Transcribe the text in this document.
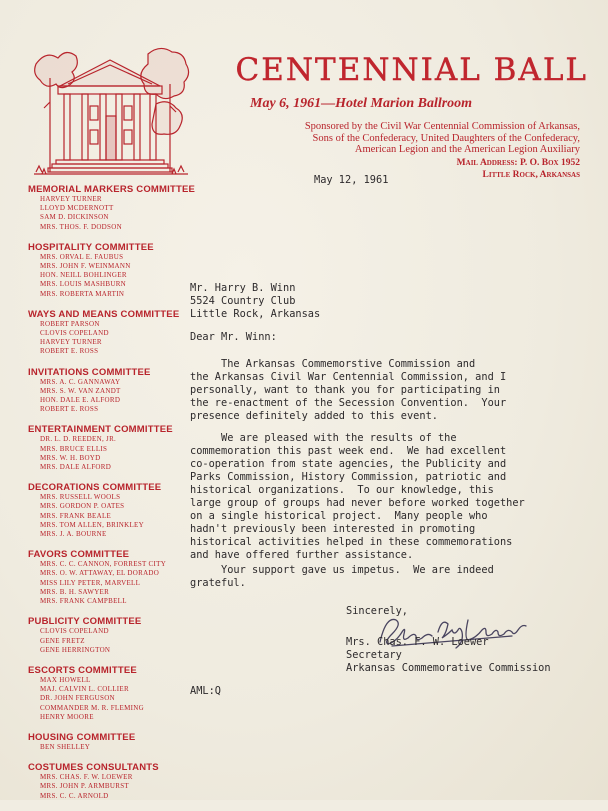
CENTENNIAL BALL
May 6, 1961—Hotel Marion Ballroom
Sponsored by the Civil War Centennial Commission of Arkansas,
Sons of the Confederacy, United Daughters of the Confederacy,
American Legion and the American Legion Auxiliary
Mail Address: P. O. Box 1952
Little Rock, Arkansas
MEMORIAL MARKERS COMMITTEE
HARVEY TURNER
LLOYD MCDERNOTT
SAM D. DICKINSON
MRS. THOS. F. DODSON
HOSPITALITY COMMITTEE
MRS. ORVAL E. FAUBUS
MRS. JOHN F. WEINMANN
HON. NEILL BOHLINGER
MRS. LOUIS MASHBURN
MRS. ROBERTA MARTIN
WAYS AND MEANS COMMITTEE
ROBERT PARSON
CLOVIS COPELAND
HARVEY TURNER
ROBERT E. ROSS
INVITATIONS COMMITTEE
MRS. A. C. GANNAWAY
MRS. S. W. VAN ZANDT
HON. DALE E. ALFORD
ROBERT E. ROSS
ENTERTAINMENT COMMITTEE
DR. L. D. REEDEN, JR.
MRS. BRUCE ELLIS
MRS. W. H. BOYD
MRS. DALE ALFORD
DECORATIONS COMMITTEE
MRS. RUSSELL WOOLS
MRS. GORDON P. OATES
MRS. FRANK BEALE
MRS. TOM ALLEN, BRINKLEY
MRS. J. A. BOURNE
FAVORS COMMITTEE
MRS. C. C. CANNON, FORREST CITY
MRS. O. W. ATTAWAY, EL DORADO
MISS LILY PETER, MARVELL
MRS. B. H. SAWYER
MRS. FRANK CAMPBELL
PUBLICITY COMMITTEE
CLOVIS COPELAND
GENE FRETZ
GENE HERRINGTON
ESCORTS COMMITTEE
MAX HOWELL
MAJ. CALVIN L. COLLIER
DR. JOHN FERGUSON
COMMANDER M. R. FLEMING
HENRY MOORE
HOUSING COMMITTEE
BEN SHELLEY
COSTUMES CONSULTANTS
MRS. CHAS. F. W. LOEWER
MRS. JOHN P. ARMBURST
MRS. C. C. ARNOLD
May 12, 1961
Mr. Harry B. Winn
5524 Country Club
Little Rock, Arkansas
Dear Mr. Winn:
The Arkansas Commemorstive Commission and
the Arkansas Civil War Centennial Commission, and I
personally, want to thank you for participating in
the re-enactment of the Secession Convention.  Your
presence definitely added to this event.
We are pleased with the results of the
commemoration this past week end.  We had excellent
co-operation from state agencies, the Publicity and
Parks Commission, History Commission, patriotic and
historical organizations.  To our knowledge, this
large group of groups had never before worked together
on a single historical project.  Many people who
hadn't previously been interested in promoting
historical activities helped in these commemorations
and have offered further assistance.
Your support gave us impetus.  We are indeed
grateful.
Sincerely,
Mrs. Chas. F. W. Loewer
Secretary
Arkansas Commemorative Commission
AML:Q
